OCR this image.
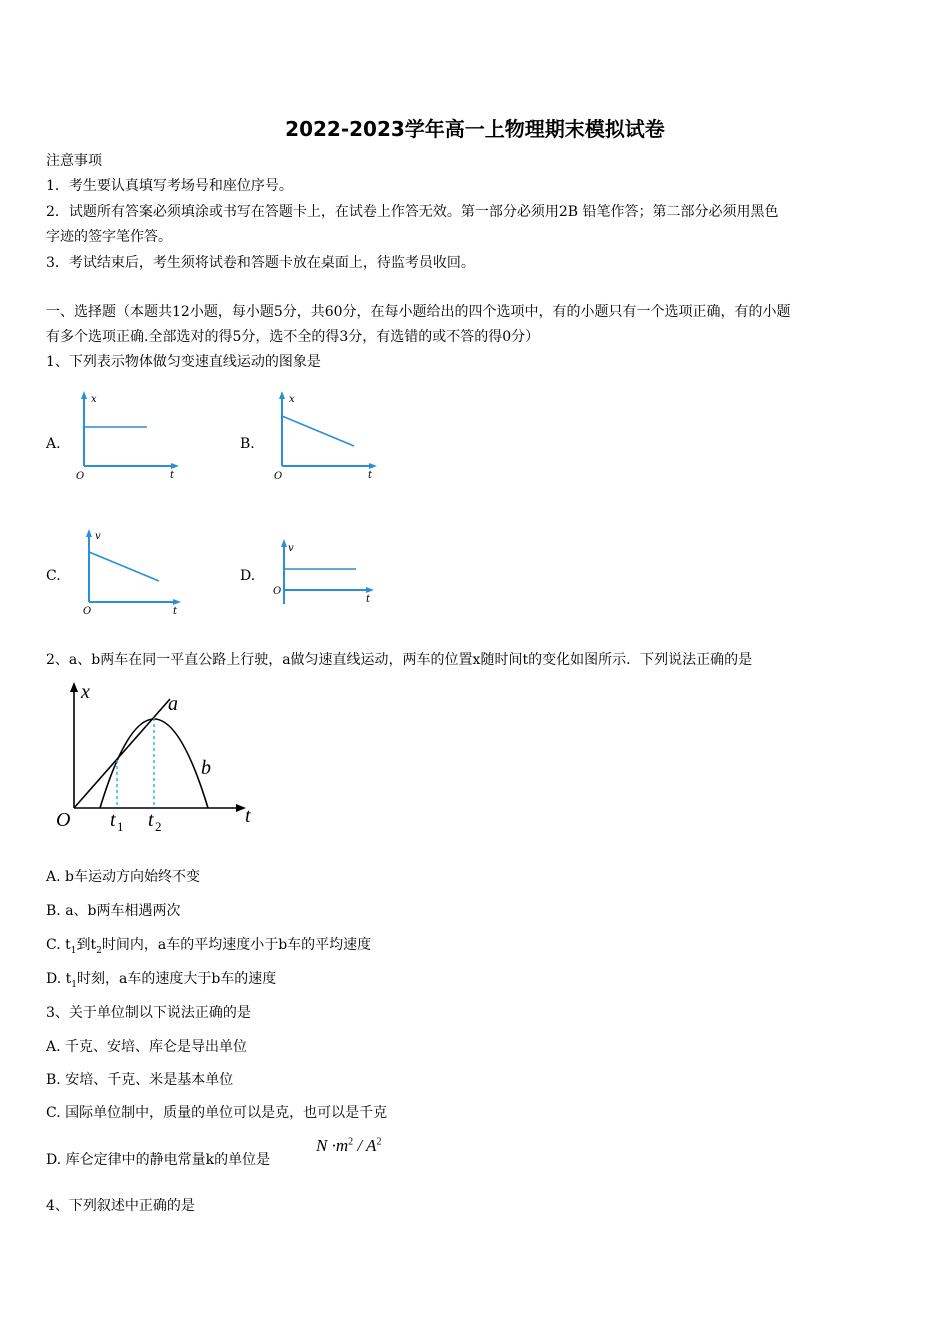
2022-2023学年高一上物理期末模拟试卷
注意事项
1．考生要认真填写考场号和座位序号。
2．试题所有答案必须填涂或书写在答题卡上，在试卷上作答无效。第一部分必须用2B 铅笔作答；第二部分必须用黑色
字迹的签字笔作答。
3．考试结束后，考生须将试卷和答题卡放在桌面上，待监考员收回。
一、选择题（本题共12小题，每小题5分，共60分，在每小题给出的四个选项中，有的小题只有一个选项正确，有的小题
有多个选项正确.全部选对的得5分，选不全的得3分，有选错的或不答的得0分）
1、下列表示物体做匀变速直线运动的图象是
A.
x
t
O
B.
x
t
O
C.
v
t
O
D.
v
t
O
2、a、b两车在同一平直公路上行驶，a做匀速直线运动，两车的位置x随时间t的变化如图所示．下列说法正确的是
x
t
O
a
b
t 1 t 2
A. b车运动方向始终不变
B. a、b两车相遇两次
C. $t_1$到$t_2$时间内，a车的平均速度小于b车的平均速度
D. $t_1$时刻，a车的速度大于b车的速度
3、关于单位制以下说法正确的是
A. 千克、安培、库仑是导出单位
B. 安培、千克、米是基本单位
C. 国际单位制中，质量的单位可以是克，也可以是千克
D. 库仑定律中的静电常量k的单位是
$N \cdot m^2 / A^2$
4、下列叙述中正确的是
